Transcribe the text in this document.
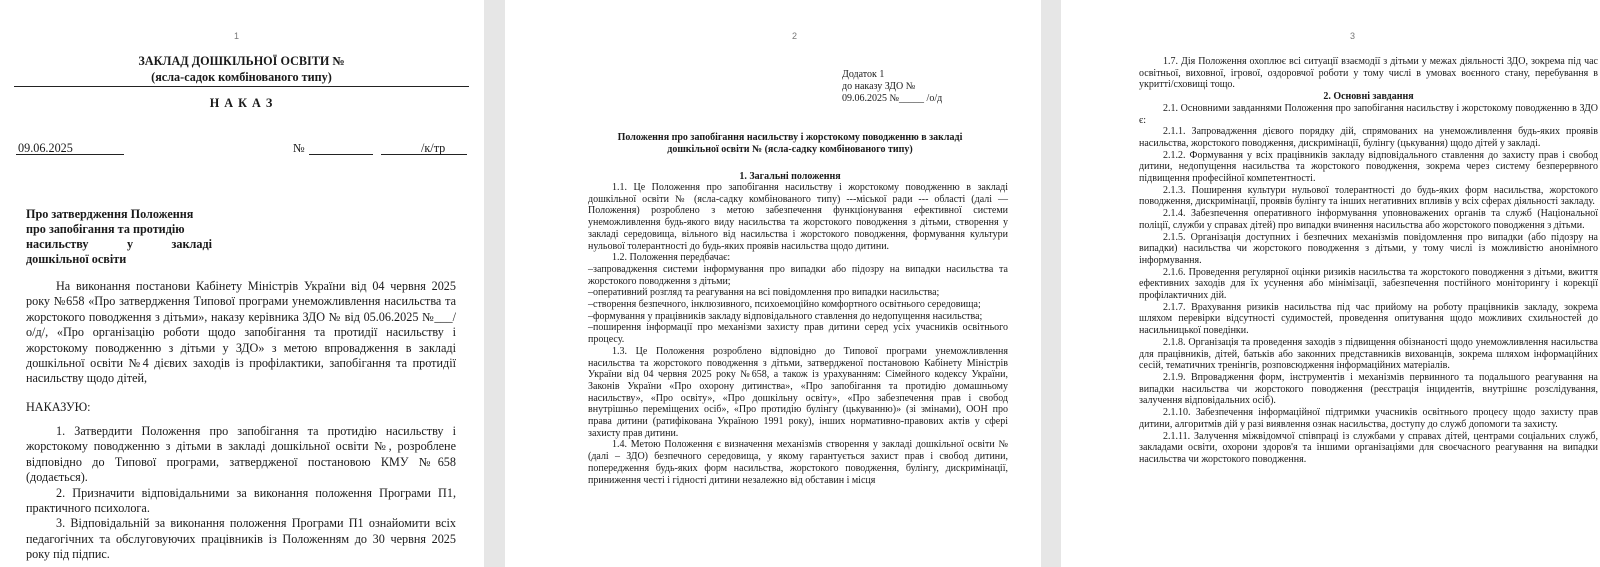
1
ЗАКЛАД ДОШКІЛЬНОЇ ОСВІТИ №
(ясла-садок комбінованого типу)
Н А К А З
09.06.2025	№	/к/тр
Про затвердження Положення
про запобігання та протидію
насильству у закладі
дошкільної освіти
На виконання постанови Кабінету Міністрів України від 04 червня 2025 року №658 «Про затвердження Типової програми унеможливлення насильства та жорстокого поводження з дітьми», наказу керівника ЗДО № від 05.06.2025 №___/о/д/, «Про організацію роботи щодо запобігання та протидії насильству і жорстокому поводженню з дітьми у ЗДО» з метою впровадження в закладі дошкільної освіти №4 дієвих заходів із профілактики, запобігання та протидії насильству щодо дітей,
НАКАЗУЮ:

1. Затвердити Положення про запобігання та протидію насильству і жорстокому поводженню з дітьми в закладі дошкільної освіти №, розроблене відповідно до Типової програми, затвердженої постановою КМУ №658 (додається).

2. Призначити відповідальними за виконання положення Програми П1, практичного психолога.

3. Відповідальній за виконання положення Програми П1 ознайомити всіх педагогічних та обслуговуючих працівників із Положенням до 30 червня 2025 року під підпис.

2

Додаток 1

до наказу ЗДО №

09.06.2025 №_____ /о/д

Положення про запобігання насильству і жорстокому поводженню в закладі
дошкільної освіти № (ясла-садку комбінованого типу)
1. Загальні положення

1.1. Це Положення про запобігання насильству і жорстокому поводженню в закладі дошкільної освіти № (ясла-садку комбінованого типу) ---міської ради --- області (далі — Положення) розроблено з метою забезпечення функціонування ефективної системи унеможливлення будь-якого виду насильства та жорстокого поводження з дітьми, створення у закладі середовища, вільного від насильства і жорстокого поводження, формування культури нульової толерантності до будь-яких проявів насильства щодо дитини.

1.2. Положення передбачає:

–запровадження системи інформування про випадки або підозру на випадки насильства та жорстокого поводження з дітьми;

–оперативний розгляд та реагування на всі повідомлення про випадки насильства;

–створення безпечного, інклюзивного, психоемоційно комфортного освітнього середовища;

–формування у працівників закладу відповідального ставлення до недопущення насильства;

–поширення інформації про механізми захисту прав дитини серед усіх учасників освітнього процесу.

1.3. Це Положення розроблено відповідно до Типової програми унеможливлення насильства та жорстокого поводження з дітьми, затвердженої постановою Кабінету Міністрів України від 04 червня 2025 року №658, а також із урахуванням: Сімейного кодексу України, Законів України «Про охорону дитинства», «Про запобігання та протидію домашньому насильству», «Про освіту», «Про дошкільну освіту», «Про забезпечення прав і свобод внутрішньо переміщених осіб», «Про протидію булінгу (цькуванню)» (зі змінами), ООН про права дитини (ратифікована Україною 1991 року), інших нормативно-правових актів у сфері захисту прав дитини.

1.4. Метою Положення є визначення механізмів створення у закладі дошкільної освіти № (далі – ЗДО) безпечного середовища, у якому гарантується захист прав і свобод дитини, попередження будь-яких форм насильства, жорстокого поводження, булінгу, дискримінації, приниження честі і гідності дитини незалежно від обставин і місця

3

1.7. Дія Положення охоплює всі ситуації взаємодії з дітьми у межах діяльності ЗДО, зокрема під час освітньої, виховної, ігрової, оздоровчої роботи у тому числі в умовах воєнного стану, перебування в укритті/сховищі тощо.

2. Основні завдання

2.1. Основними завданнями Положення про запобігання насильству і жорстокому поводженню в ЗДО є:

2.1.1. Запровадження дієвого порядку дій, спрямованих на унеможливлення будь-яких проявів насильства, жорстокого поводження, дискримінації, булінгу (цькування) щодо дітей у закладі.

2.1.2. Формування у всіх працівників закладу відповідального ставлення до захисту прав і свобод дитини, недопущення насильства та жорстокого поводження, зокрема через систему безперервного підвищення професійної компетентності.

2.1.3. Поширення культури нульової толерантності до будь-яких форм насильства, жорстокого поводження, дискримінації, проявів булінгу та інших негативних впливів у всіх сферах діяльності закладу.

2.1.4. Забезпечення оперативного інформування уповноважених органів та служб (Національної поліції, служби у справах дітей) про випадки вчинення насильства або жорстокого поводження з дітьми.

2.1.5. Організація доступних і безпечних механізмів повідомлення про випадки (або підозру на випадки) насильства чи жорстокого поводження з дітьми, у тому числі із можливістю анонімного інформування.

2.1.6. Проведення регулярної оцінки ризиків насильства та жорстокого поводження з дітьми, вжиття ефективних заходів для їх усунення або мінімізації, забезпечення постійного моніторингу і корекції профілактичних дій.

2.1.7. Врахування ризиків насильства під час прийому на роботу працівників закладу, зокрема шляхом перевірки відсутності судимостей, проведення опитування щодо можливих схильностей до насильницької поведінки.

2.1.8. Організація та проведення заходів з підвищення обізнаності щодо унеможливлення насильства для працівників, дітей, батьків або законних представників вихованців, зокрема шляхом інформаційних сесій, тематичних тренінгів, розповсюдження інформаційних матеріалів.

2.1.9. Впровадження форм, інструментів і механізмів первинного та подальшого реагування на випадки насильства чи жорстокого поводження (реєстрація інцидентів, внутрішнє розслідування, залучення відповідальних осіб).

2.1.10. Забезпечення інформаційної підтримки учасників освітнього процесу щодо захисту прав дитини, алгоритмів дій у разі виявлення ознак насильства, доступу до служб допомоги та захисту.

2.1.11. Залучення міжвідомчої співпраці із службами у справах дітей, центрами соціальних служб, закладами освіти, охорони здоров'я та іншими організаціями для своєчасного реагування на випадки насильства чи жорстокого поводження.
